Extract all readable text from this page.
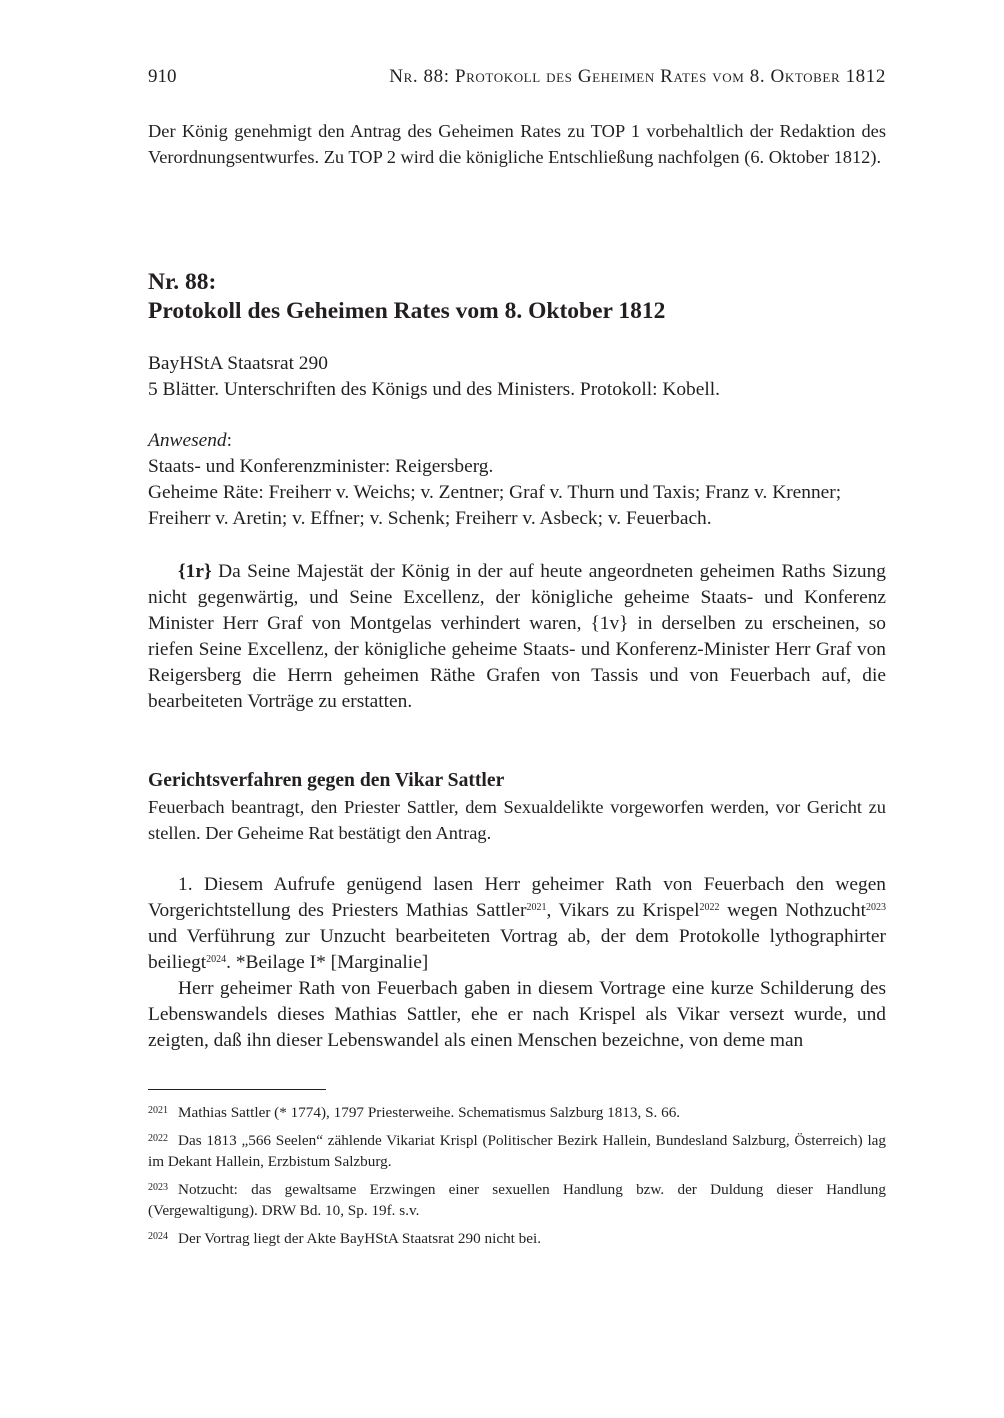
910	Nr. 88: Protokoll des Geheimen Rates vom 8. Oktober 1812

Der König genehmigt den Antrag des Geheimen Rates zu TOP 1 vorbehaltlich der Redaktion des Verordnungsentwurfes. Zu TOP 2 wird die königliche Entschließung nachfolgen (6. Oktober 1812).

Nr. 88:
Protokoll des Geheimen Rates vom 8. Oktober 1812
BayHStA Staatsrat 290
5 Blätter. Unterschriften des Königs und des Ministers. Protokoll: Kobell.
Anwesend:
Staats- und Konferenzminister: Reigersberg.
Geheime Räte: Freiherr v. Weichs; v. Zentner; Graf v. Thurn und Taxis; Franz v. Krenner; Freiherr v. Aretin; v. Effner; v. Schenk; Freiherr v. Asbeck; v. Feuerbach.

{1r} Da Seine Majestät der König in der auf heute angeordneten geheimen Raths Sizung nicht gegenwärtig, und Seine Excellenz, der königliche geheime Staats- und Konferenz Minister Herr Graf von Montgelas verhindert waren, {1v} in derselben zu erscheinen, so riefen Seine Excellenz, der königliche geheime Staats- und Konferenz-Minister Herr Graf von Reigersberg die Herrn geheimen Räthe Grafen von Tassis und von Feuerbach auf, die bearbeiteten Vorträge zu erstatten.

Gerichtsverfahren gegen den Vikar Sattler

Feuerbach beantragt, den Priester Sattler, dem Sexualdelikte vorgeworfen werden, vor Gericht zu stellen. Der Geheime Rat bestätigt den Antrag.

1. Diesem Aufrufe genügend lasen Herr geheimer Rath von Feuerbach den wegen Vorgerichtstellung des Priesters Mathias Sattler$^{2021}$, Vikars zu Krispel$^{2022}$ wegen Nothzucht$^{2023}$ und Verführung zur Unzucht bearbeiteten Vortrag ab, der dem Protokolle lythographirter beiliegt$^{2024}$. *Beilage I* [Marginalie]

Herr geheimer Rath von Feuerbach gaben in diesem Vortrage eine kurze Schilderung des Lebenswandels dieses Mathias Sattler, ehe er nach Krispel als Vikar versezt wurde, und zeigten, daß ihn dieser Lebenswandel als einen Menschen bezeichne, von deme man

$^{2021}$ Mathias Sattler (* 1774), 1797 Priesterweihe. Schematismus Salzburg 1813, S. 66.

$^{2022}$ Das 1813 „566 Seelen“ zählende Vikariat Krispl (Politischer Bezirk Hallein, Bundesland Salzburg, Österreich) lag im Dekant Hallein, Erzbistum Salzburg.

$^{2023}$ Notzucht: das gewaltsame Erzwingen einer sexuellen Handlung bzw. der Duldung dieser Handlung (Vergewaltigung). DRW Bd. 10, Sp. 19f. s.v.

$^{2024}$ Der Vortrag liegt der Akte BayHStA Staatsrat 290 nicht bei.
